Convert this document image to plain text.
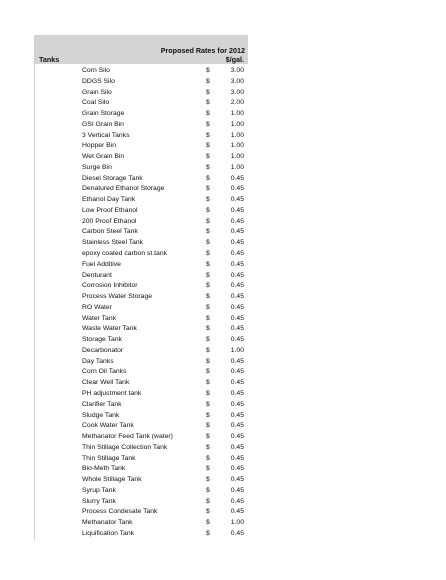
Proposed Rates for 2012
Tanks	$/gal.
Corn Silo	$	3.00
DDGS Silo	$	3.00
Grain Silo	$	3.00
Coal Silo	$	2.00
Grain Storage	$	1.00
GSI Grain Bin	$	1.00
3 Vertical Tanks	$	1.00
Hopper Bin	$	1.00
Wet Grain Bin	$	1.00
Surge Bin	$	1.00
Diesel Storage Tank	$	0.45
Denatured Ethanol Storage	$	0.45
Ethanol Day Tank	$	0.45
Low Proof Ethanol	$	0.45
200 Proof Ethanol	$	0.45
Carbon Steel Tank	$	0.45
Stainless Steel Tank	$	0.45
epoxy coated carbon st.tank	$	0.45
Fuel Additive	$	0.45
Denturant	$	0.45
Corrosion Inhibitor	$	0.45
Process Water Storage	$	0.45
RO Water	$	0.45
Water Tank	$	0.45
Waste Water Tank	$	0.45
Storage Tank	$	0.45
Decarbonator	$	1.00
Day Tanks	$	0.45
Corn Oil Tanks	$	0.45
Clear Well Tank	$	0.45
PH adjustment tank	$	0.45
Clarifier Tank	$	0.45
Sludge Tank	$	0.45
Cook Water Tank	$	0.45
Methanator Feed Tank (water)	$	0.45
Thin Stillage Collection Tank	$	0.45
Thin Stillage Tank	$	0.45
Bio-Meth Tank	$	0.45
Whole Stillage Tank	$	0.45
Syrup Tank	$	0.45
Slurry Tank	$	0.45
Process Condesate Tank	$	0.45
Methanator Tank	$	1.00
Liquification Tank	$	0.45
